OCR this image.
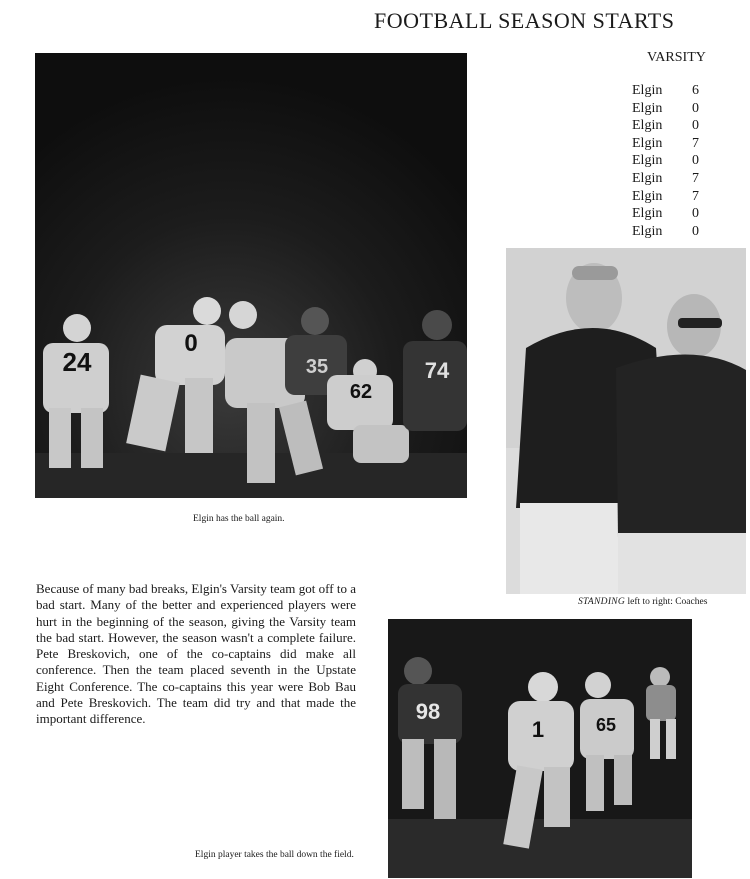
FOOTBALL SEASON STARTS
VARSITY
Elgin	6
Elgin	0
Elgin	0
Elgin	7
Elgin	0
Elgin	7
Elgin	7
Elgin	0
Elgin	0
24
0
35
62
74
Elgin has the ball again.
STANDING left to right: Coaches
Because of many bad breaks, Elgin's Varsity team got off to a bad start. Many of the better and experienced players were hurt in the beginning of the season, giving the Varsity team the bad start. However, the season wasn't a complete failure. Pete Breskovich, one of the co-captains did make all conference. Then the team placed seventh in the Upstate Eight Conference. The co-captains this year were Bob Bau and Pete Breskovich. The team did try and that made the important difference.	98
1	65
Elgin player takes the ball down the field.
